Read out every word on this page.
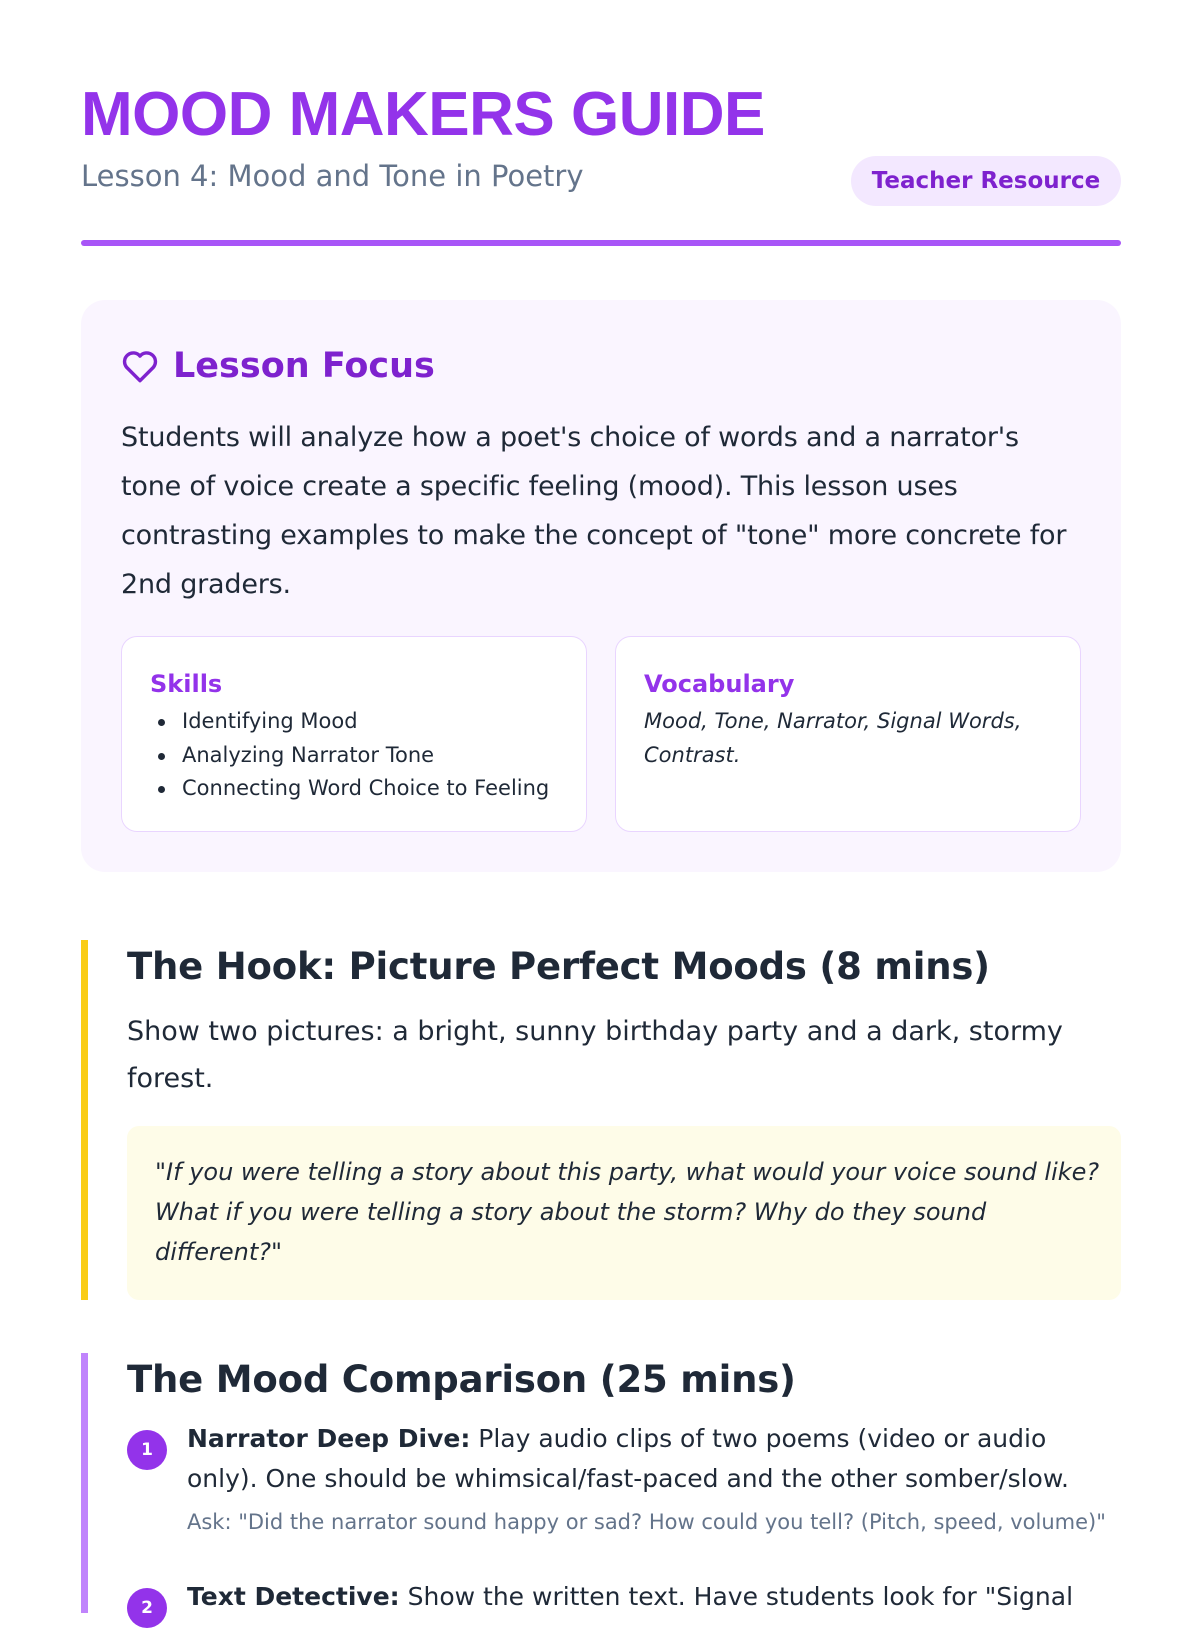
MOOD MAKERS GUIDE
Lesson 4: Mood and Tone in Poetry	Teacher Resource
Lesson Focus

Students will analyze how a poet's choice of words and a narrator's tone of voice create a specific feeling (mood). This lesson uses contrasting examples to make the concept of "tone" more concrete for 2nd graders.

Skills
Identifying Mood
Analyzing Narrator Tone
Connecting Word Choice to Feeling
Vocabulary

Mood, Tone, Narrator, Signal Words, Contrast.

The Hook: Picture Perfect Moods (8 mins)

Show two pictures: a bright, sunny birthday party and a dark, stormy forest.

"If you were telling a story about this party, what would your voice sound like? What if you were telling a story about the storm? Why do they sound different?"

The Mood Comparison (25 mins)
1	Narrator Deep Dive: Play audio clips of two poems (video or audio only). One should be whimsical/fast-paced and the other somber/slow.

Ask: "Did the narrator sound happy or sad? How could you tell? (Pitch, speed, volume)"

2	Text Detective: Show the written text. Have students look for "Signal
